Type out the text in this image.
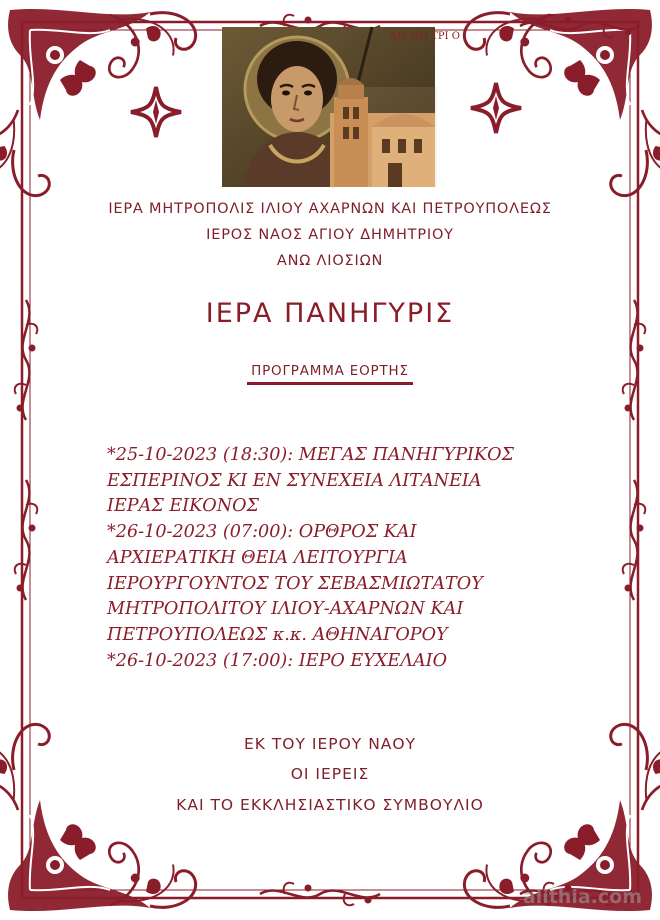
ΔΗ ΜΗ ΤΡΙ Ο
ΙΕΡΑ ΜΗΤΡΟΠΟΛΙΣ ΙΛΙΟΥ ΑΧΑΡΝΩΝ ΚΑΙ ΠΕΤΡΟΥΠΟΛΕΩΣ
ΙΕΡΟΣ ΝΑΟΣ ΑΓΙΟΥ ΔΗΜΗΤΡΙΟΥ
ΑΝΩ ΛΙΟΣΙΩΝ
ΙΕΡΑ ΠΑΝΗΓΥΡΙΣ
ΠΡΟΓΡΑΜΜΑ ΕΟΡΤΗΣ
*25-10-2023 (18:30): ΜΕΓΑΣ ΠΑΝΗΓΥΡΙΚΟΣ
ΕΣΠΕΡΙΝΟΣ ΚΙ ΕΝ ΣΥΝΕΧΕΙΑ ΛΙΤΑΝΕΙΑ
ΙΕΡΑΣ ΕΙΚΟΝΟΣ
*26-10-2023 (07:00): ΟΡΘΡΟΣ ΚΑΙ
ΑΡΧΙΕΡΑΤΙΚΗ ΘΕΙΑ ΛΕΙΤΟΥΡΓΙΑ
ΙΕΡΟΥΡΓΟΥΝΤΟΣ ΤΟΥ ΣΕΒΑΣΜΙΩΤΑΤΟΥ
ΜΗΤΡΟΠΟΛΙΤΟΥ ΙΛΙΟΥ-ΑΧΑΡΝΩΝ ΚΑΙ
ΠΕΤΡΟΥΠΟΛΕΩΣ κ.κ. ΑΘΗΝΑΓΟΡΟΥ
*26-10-2023 (17:00): ΙΕΡΟ ΕΥΧΕΛΑΙΟ
ΕΚ ΤΟΥ ΙΕΡΟΥ ΝΑΟΥ
ΟΙ ΙΕΡΕΙΣ
ΚΑΙ ΤΟ ΕΚΚΛΗΣΙΑΣΤΙΚΟ ΣΥΜΒΟΥΛΙΟ
alithia.com
